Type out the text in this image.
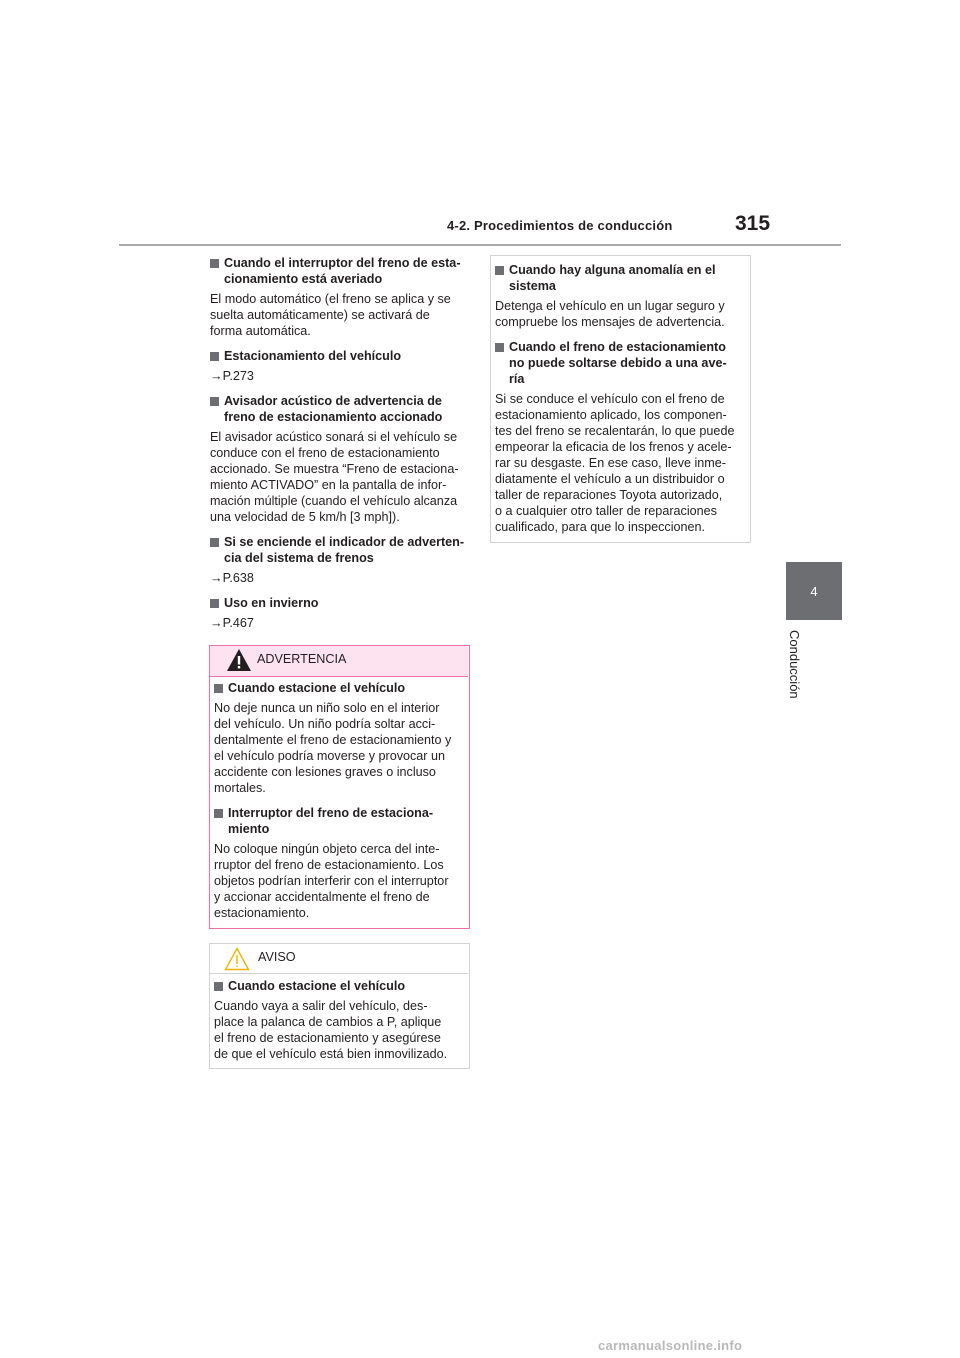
4-2. Procedimientos de conducción	315
4
Conducción

Cuando el interruptor del freno de esta-
cionamiento está averiado

El modo automático (el freno se aplica y se
suelta automáticamente) se activará de
forma automática.

Estacionamiento del vehículo

→P.273

Avisador acústico de advertencia de
freno de estacionamiento accionado

El avisador acústico sonará si el vehículo se
conduce con el freno de estacionamiento
accionado. Se muestra “Freno de estaciona-
miento ACTIVADO” en la pantalla de infor-
mación múltiple (cuando el vehículo alcanza
una velocidad de 5 km/h [3 mph]).

Si se enciende el indicador de adverten-
cia del sistema de frenos

→P.638

Uso en invierno

→P.467

ADVERTENCIA

Cuando estacione el vehículo

No deje nunca un niño solo en el interior
del vehículo. Un niño podría soltar acci-
dentalmente el freno de estacionamiento y
el vehículo podría moverse y provocar un
accidente con lesiones graves o incluso
mortales.

Interruptor del freno de estaciona-
miento

No coloque ningún objeto cerca del inte-
rruptor del freno de estacionamiento. Los
objetos podrían interferir con el interruptor
y accionar accidentalmente el freno de
estacionamiento.

AVISO

Cuando estacione el vehículo

Cuando vaya a salir del vehículo, des-
place la palanca de cambios a P, aplique
el freno de estacionamiento y asegúrese
de que el vehículo está bien inmovilizado.

Cuando hay alguna anomalía en el
sistema

Detenga el vehículo en un lugar seguro y
compruebe los mensajes de advertencia.

Cuando el freno de estacionamiento
no puede soltarse debido a una ave-
ría

Si se conduce el vehículo con el freno de
estacionamiento aplicado, los componen-
tes del freno se recalentarán, lo que puede
empeorar la eficacia de los frenos y acele-
rar su desgaste. En ese caso, lleve inme-
diatamente el vehículo a un distribuidor o
taller de reparaciones Toyota autorizado,
o a cualquier otro taller de reparaciones
cualificado, para que lo inspeccionen.

carmanualsonline.info
